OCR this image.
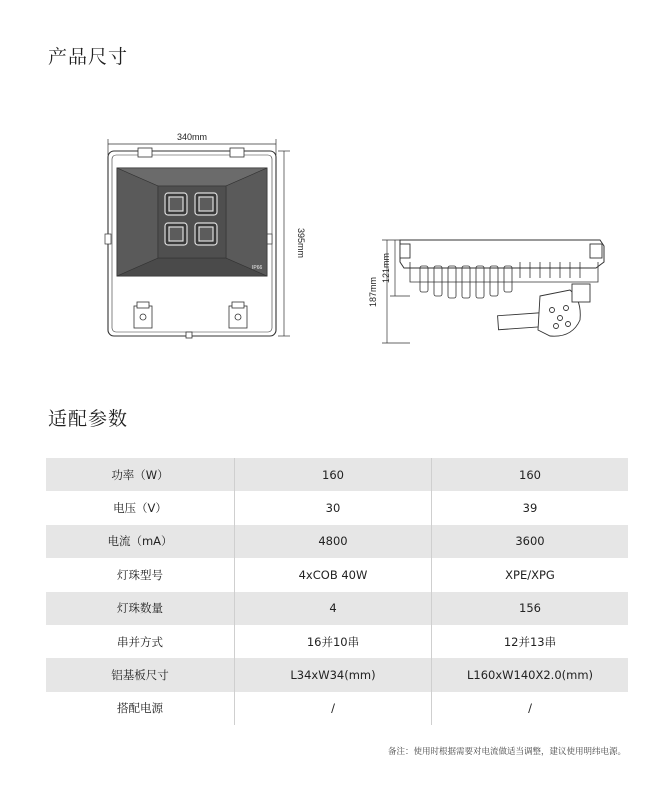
产品尺寸
340mm
395mm
IP66
187mm
121mm
适配参数
功率（W）	160	160
电压（V）	30	39
电流（mA）	4800	3600
灯珠型号	4xCOB 40W	XPE/XPG
灯珠数量	4	156
串并方式	16并10串	12并13串
铝基板尺寸	L34xW34(mm)	L160xW140X2.0(mm)
搭配电源	/	/
备注：使用时根据需要对电流做适当调整，建议使用明纬电源。
